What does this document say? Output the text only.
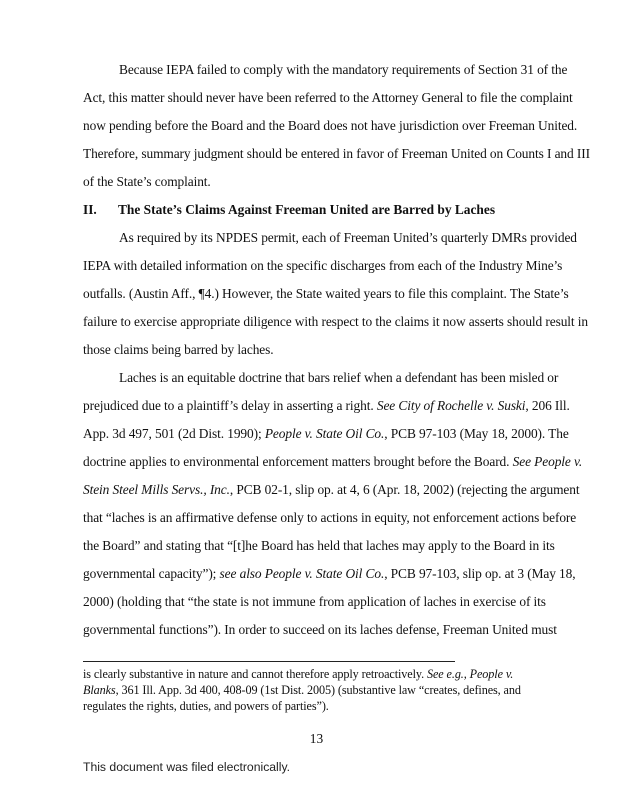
Because IEPA failed to comply with the mandatory requirements of Section 31 of the
Act, this matter should never have been referred to the Attorney General to file the complaint
now pending before the Board and the Board does not have jurisdiction over Freeman United.
Therefore, summary judgment should be entered in favor of Freeman United on Counts I and III
of the State’s complaint.
II. The State’s Claims Against Freeman United are Barred by Laches
As required by its NPDES permit, each of Freeman United’s quarterly DMRs provided
IEPA with detailed information on the specific discharges from each of the Industry Mine’s
outfalls. (Austin Aff., ¶4.) However, the State waited years to file this complaint. The State’s
failure to exercise appropriate diligence with respect to the claims it now asserts should result in
those claims being barred by laches.
Laches is an equitable doctrine that bars relief when a defendant has been misled or
prejudiced due to a plaintiff’s delay in asserting a right. See City of Rochelle v. Suski, 206 Ill.
App. 3d 497, 501 (2d Dist. 1990); People v. State Oil Co., PCB 97-103 (May 18, 2000). The
doctrine applies to environmental enforcement matters brought before the Board. See People v.
Stein Steel Mills Servs., Inc., PCB 02-1, slip op. at 4, 6 (Apr. 18, 2002) (rejecting the argument
that “laches is an affirmative defense only to actions in equity, not enforcement actions before
the Board” and stating that “[t]he Board has held that laches may apply to the Board in its
governmental capacity”); see also People v. State Oil Co., PCB 97-103, slip op. at 3 (May 18,
2000) (holding that “the state is not immune from application of laches in exercise of its
governmental functions”). In order to succeed on its laches defense, Freeman United must
is clearly substantive in nature and cannot therefore apply retroactively. See e.g., People v.
Blanks, 361 Ill. App. 3d 400, 408-09 (1st Dist. 2005) (substantive law “creates, defines, and
regulates the rights, duties, and powers of parties”).
13
This document was filed electronically.
